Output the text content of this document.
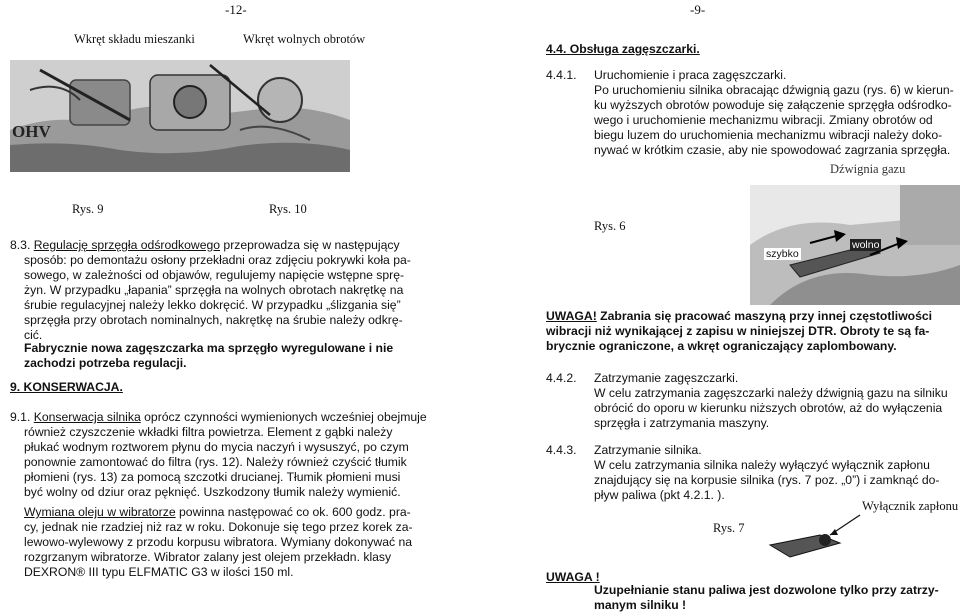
-12-	-9-
Wkręt składu mieszanki	Wkręt wolnych obrotów
OHV
Rys. 9	Rys. 10
4.4. Obsługa zagęszczarki.
4.4.1. Uruchomienie i praca zagęszczarki.
Po uruchomieniu silnika obracając dźwignią gazu (rys. 6) w kierun-
ku wyższych obrotów powoduje się załączenie sprzęgła odśrodko-
wego i uruchomienie mechanizmu wibracji. Zmiany obrotów od
biegu luzem do uruchomienia mechanizmu wibracji należy doko-
nywać w krótkim czasie, aby nie spowodować zagrzania sprzęgła.
Dźwignia gazu
szybko
wolno
Rys. 6
8.3. Regulację sprzęgła odśrodkowego przeprowadza się w następujący
sposób: po demontażu osłony przekładni oraz zdjęciu pokrywki koła pa-
sowego, w zależności od objawów, regulujemy napięcie wstępne sprę-
żyn. W przypadku „łapania” sprzęgła na wolnych obrotach nakrętkę na
śrubie regulacyjnej należy lekko dokręcić. W przypadku „ślizgania się”
sprzęgła przy obrotach nominalnych, nakrętkę na śrubie należy odkrę-
cić.
Fabrycznie nowa zagęszczarka ma sprzęgło wyregulowane i nie
zachodzi potrzeba regulacji.
9. KONSERWACJA.
9.1. Konserwacja silnika oprócz czynności wymienionych wcześniej obejmuje
również czyszczenie wkładki filtra powietrza. Element z gąbki należy
płukać wodnym roztworem płynu do mycia naczyń i wysuszyć, po czym
ponownie zamontować do filtra (rys. 12). Należy również czyścić tłumik
płomieni (rys. 13) za pomocą szczotki drucianej. Tłumik płomieni musi
być wolny od dziur oraz pęknięć. Uszkodzony tłumik należy wymienić.
Wymiana oleju w wibratorze powinna następować co ok. 600 godz. pra-
cy, jednak nie rzadziej niż raz w roku. Dokonuje się tego przez korek za-
lewowo-wylewowy z przodu korpusu wibratora. Wymiany dokonywać na
rozgrzanym wibratorze. Wibrator zalany jest olejem przekładn. klasy
DEXRON® III typu ELFMATIC G3 w ilości 150 ml.
UWAGA! Zabrania się pracować maszyną przy innej częstotliwości
wibracji niż wynikającej z zapisu w niniejszej DTR. Obroty te są fa-
brycznie ograniczone, a wkręt ograniczający zaplombowany.
4.4.2. Zatrzymanie zagęszczarki.
W celu zatrzymania zagęszczarki należy dźwignią gazu na silniku
obrócić do oporu w kierunku niższych obrotów, aż do wyłączenia
sprzęgła i zatrzymania maszyny.
4.4.3. Zatrzymanie silnika.
W celu zatrzymania silnika należy wyłączyć wyłącznik zapłonu
znajdujący się na korpusie silnika (rys. 7 poz. „0”) i zamknąć do-
pływ paliwa (pkt 4.2.1. ).
Wyłącznik zapłonu
Rys. 7
UWAGA !
Uzupełnianie stanu paliwa jest dozwolone tylko przy zatrzy-
manym silniku !
